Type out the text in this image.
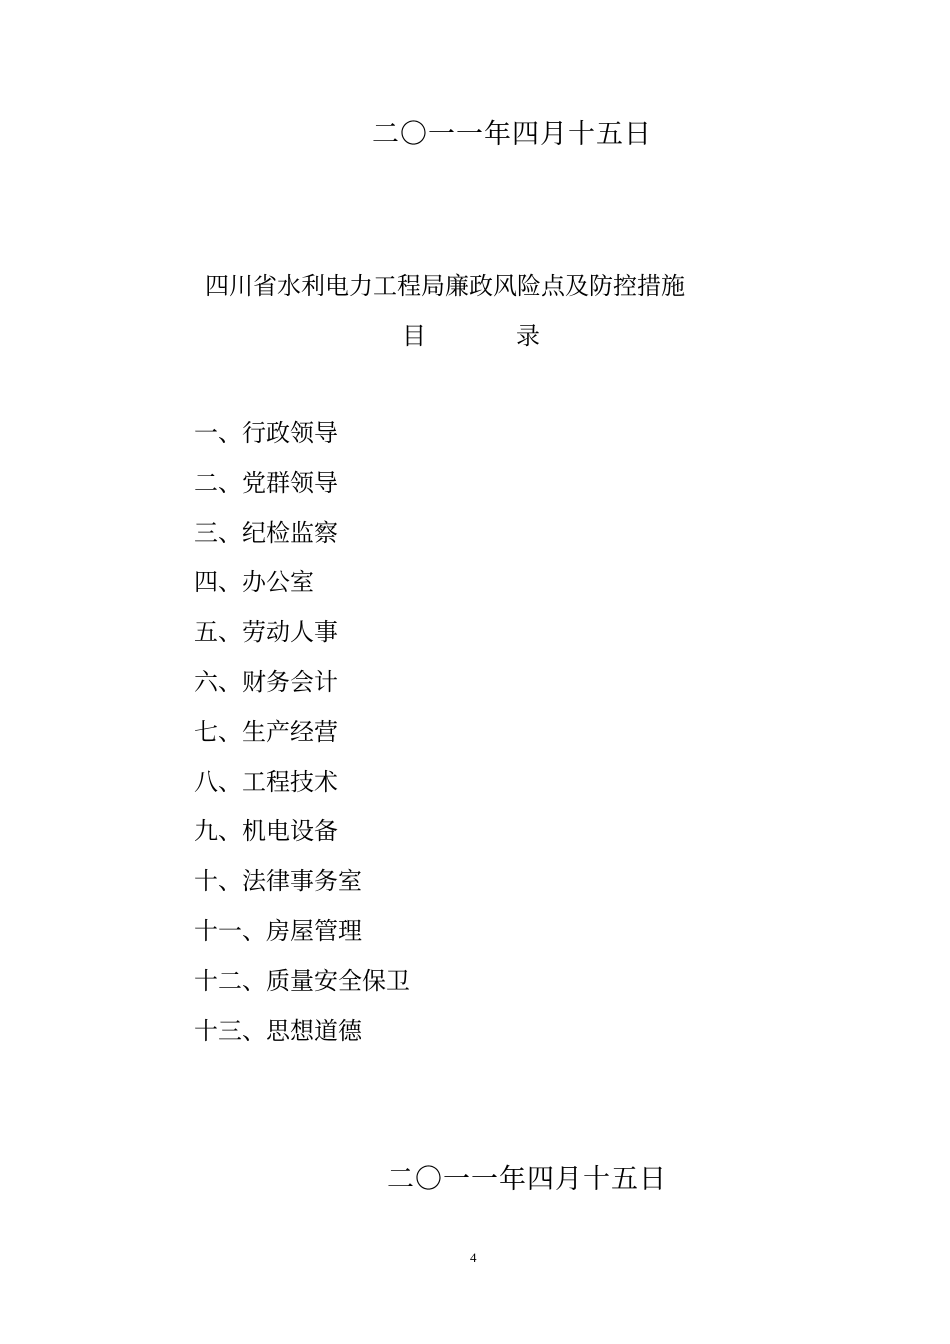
二〇一一年四月十五日
四川省水利电力工程局廉政风险点及防控措施
目	录
一、行政领导
二、党群领导
三、纪检监察
四、办公室
五、劳动人事
六、财务会计
七、生产经营
八、工程技术
九、机电设备
十、法律事务室
十一、房屋管理
十二、质量安全保卫
十三、思想道德
二〇一一年四月十五日
4
